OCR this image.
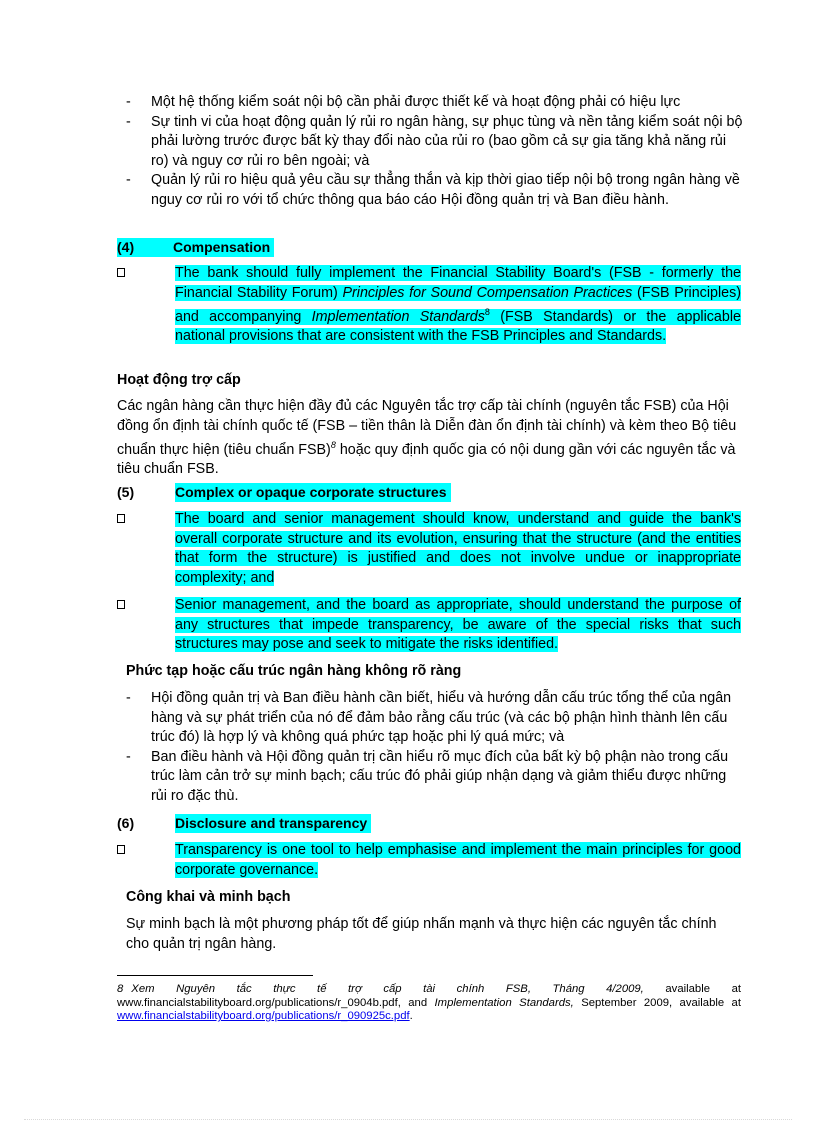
- Một hệ thống kiểm soát nội bộ cần phải được thiết kế và hoạt động phải có hiệu lực
- Sự tinh vi của hoạt động quản lý rủi ro ngân hàng, sự phục tùng và nền tảng kiểm soát nội bộ phải lường trước được bất kỳ thay đổi nào của rủi ro (bao gồm cả sự gia tăng khả năng rủi ro) và nguy cơ rủi ro bên ngoài; và
- Quản lý rủi ro hiệu quả yêu cầu sự thẳng thắn và kịp thời giao tiếp nội bộ trong ngân hàng về nguy cơ rủi ro với tổ chức thông qua báo cáo Hội đồng quản trị và Ban điều hành.
(4)	Compensation
The bank should fully implement the Financial Stability Board's (FSB - formerly the Financial Stability Forum) Principles for Sound Compensation Practices (FSB Principles) and accompanying Implementation Standards$^8$ (FSB Standards) or the applicable national provisions that are consistent with the FSB Principles and Standards.
Hoạt động trợ cấp
Các ngân hàng cần thực hiện đầy đủ các Nguyên tắc trợ cấp tài chính (nguyên tắc FSB) của Hội đồng ổn định tài chính quốc tế (FSB – tiền thân là Diễn đàn ổn định tài chính) và kèm theo Bộ tiêu chuẩn thực hiện (tiêu chuẩn FSB)$^8$ hoặc quy định quốc gia có nội dung gần với các nguyên tắc và tiêu chuẩn FSB.
(5)	Complex or opaque corporate structures
The board and senior management should know, understand and guide the bank's overall corporate structure and its evolution, ensuring that the structure (and the entities that form the structure) is justified and does not involve undue or inappropriate complexity; and
Senior management, and the board as appropriate, should understand the purpose of any structures that impede transparency, be aware of the special risks that such structures may pose and seek to mitigate the risks identified.
Phức tạp hoặc cấu trúc ngân hàng không rõ ràng
- Hội đồng quản trị và Ban điều hành cần biết, hiểu và hướng dẫn cấu trúc tổng thể của ngân hàng và sự phát triển của nó để đảm bảo rằng cấu trúc (và các bộ phận hình thành lên cấu trúc đó) là hợp lý và không quá phức tạp hoặc phi lý quá mức; và
- Ban điều hành và Hội đồng quản trị cần hiểu rõ mục đích của bất kỳ bộ phận nào trong cấu trúc làm cản trở sự minh bạch; cấu trúc đó phải giúp nhận dạng và giảm thiểu được những rủi ro đặc thù.
(6)	Disclosure and transparency
Transparency is one tool to help emphasise and implement the main principles for good corporate governance.
Công khai và minh bạch
Sự minh bạch là một phương pháp tốt để giúp nhấn mạnh và thực hiện các nguyên tắc chính cho quản trị ngân hàng.
8 Xem Nguyên tắc thực tế trợ cấp tài chính FSB, Tháng 4/2009, available at www.financialstabilityboard.org/publications/r_0904b.pdf, and Implementation Standards, September 2009, available at www.financialstabilityboard.org/publications/r_090925c.pdf.
